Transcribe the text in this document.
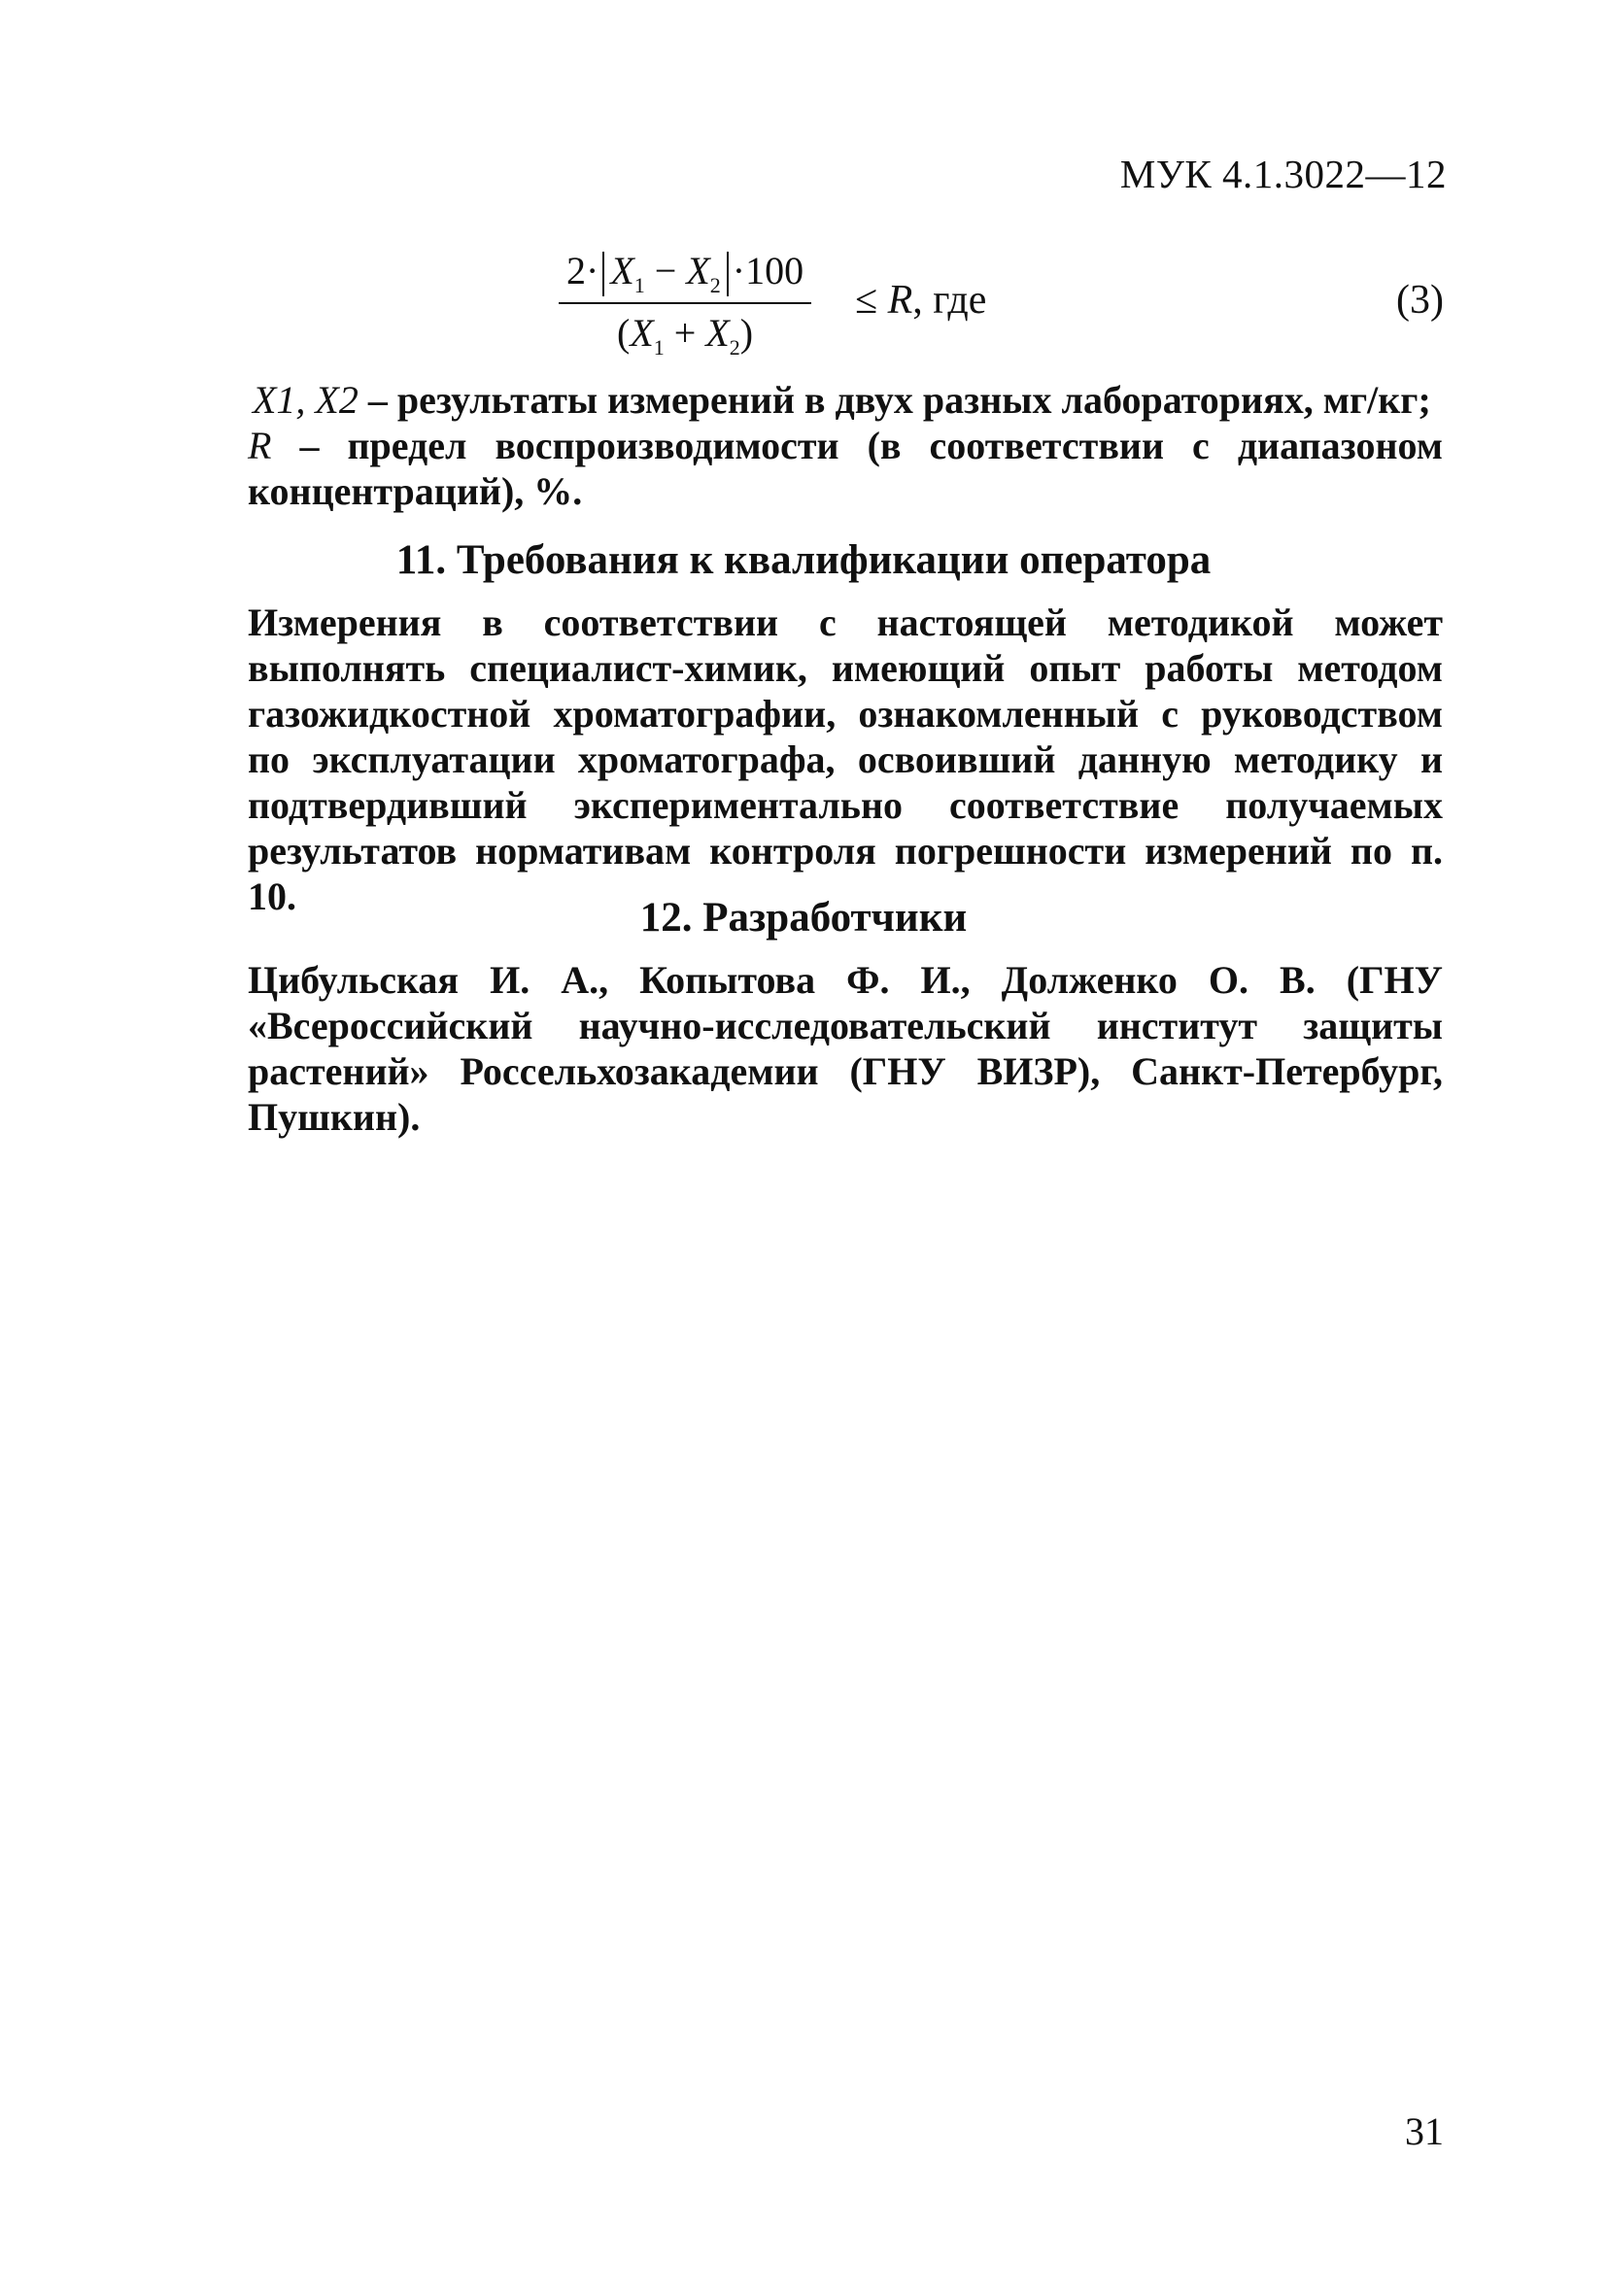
МУК 4.1.3022—12
$2\cdot X_1 - X_2 \cdot 100$
$(X_1 + X_2)$
≤ R, где	(3)

X1, X2 – результаты измерений в двух разных лабораториях, мг/кг;

R – предел воспроизводимости (в соответствии с диапазоном концентраций), %.

11. Требования к квалификации оператора

Измерения в соответствии с настоящей методикой может выполнять специалист-химик, имеющий опыт работы методом газожидкостной хроматографии, ознакомленный с руководством по эксплуатации хроматографа, освоивший данную методику и подтвердивший экспериментально соответствие получаемых результатов нормативам контроля погрешности измерений по п. 10.	12. Разработчики

Цибульская И. А., Копытова Ф. И., Долженко О. В. (ГНУ «Всероссийский научно-исследовательский институт защиты растений» Россельхозакадемии (ГНУ ВИЗР), Санкт-Петербург, Пушкин).

31
